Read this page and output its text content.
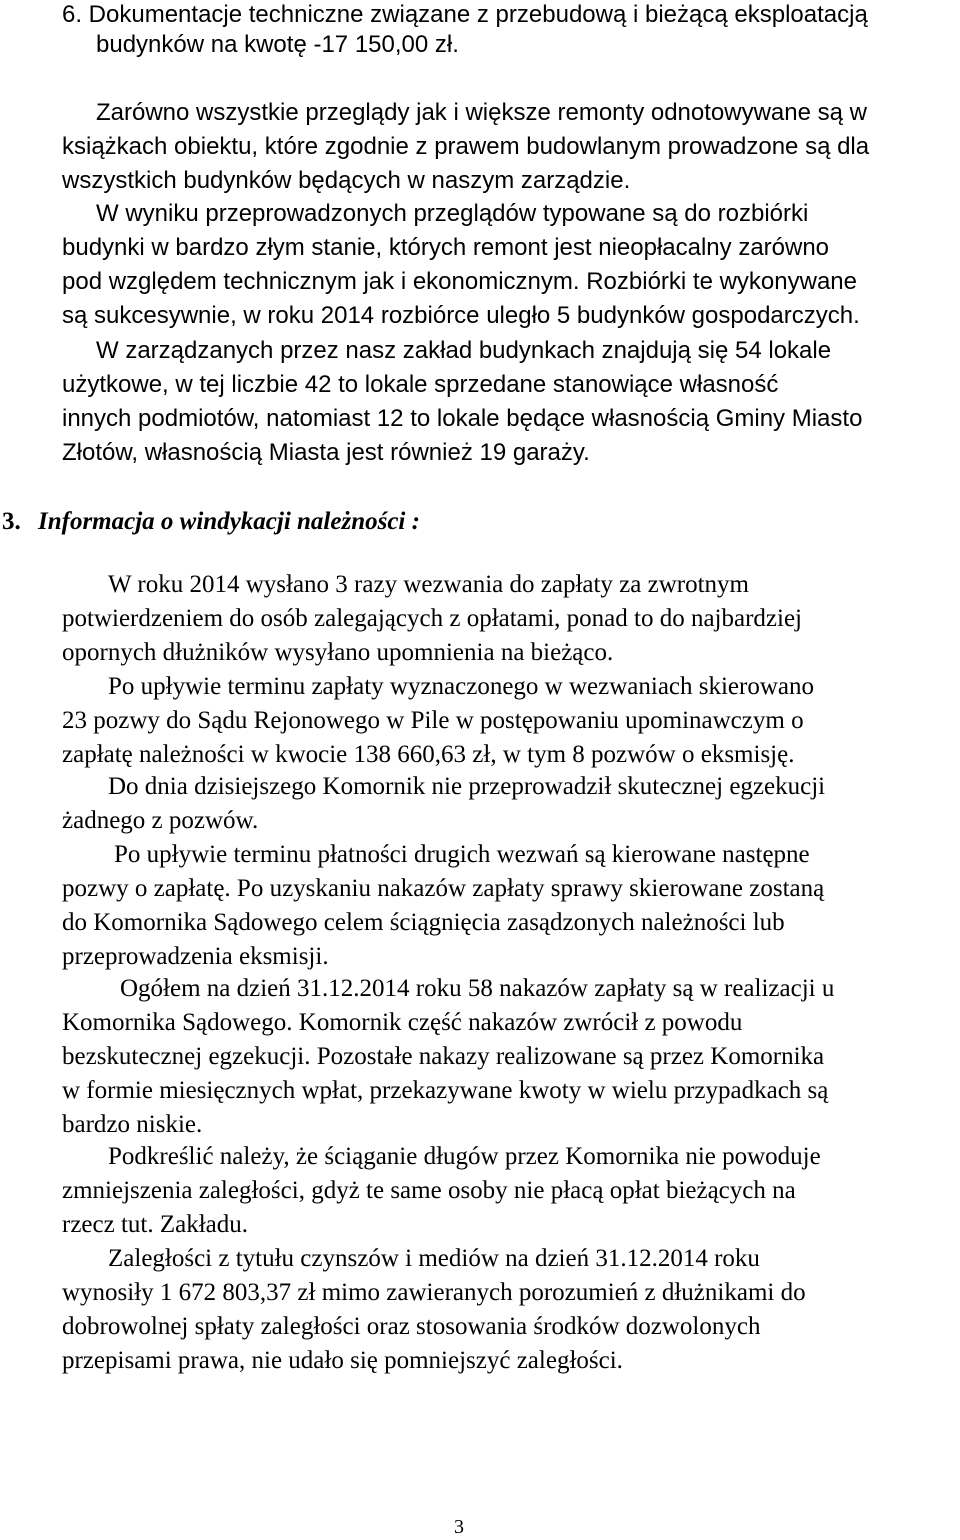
6. Dokumentacje techniczne związane z przebudową i bieżącą eksploatacją

budynków na kwotę -17 150,00 zł.

Zarówno wszystkie przeglądy jak i większe remonty odnotowywane są w

książkach obiektu, które zgodnie z prawem budowlanym prowadzone są dla

wszystkich budynków będących w naszym zarządzie.

W wyniku przeprowadzonych przeglądów typowane są do rozbiórki

budynki w bardzo złym stanie, których remont jest nieopłacalny zarówno

pod względem technicznym jak i ekonomicznym. Rozbiórki te wykonywane

są sukcesywnie, w roku 2014 rozbiórce uległo 5 budynków gospodarczych.

W zarządzanych przez nasz zakład budynkach znajdują się 54 lokale

użytkowe, w tej liczbie 42 to lokale sprzedane stanowiące własność

innych podmiotów, natomiast 12 to lokale będące własnością Gminy Miasto

Złotów, własnością Miasta jest również 19 garaży.

3. Informacja o windykacji należności :

W roku 2014 wysłano 3 razy wezwania do zapłaty za zwrotnym

potwierdzeniem do osób zalegających z opłatami, ponad to do najbardziej

opornych dłużników wysyłano upomnienia na bieżąco.

Po upływie terminu zapłaty wyznaczonego w wezwaniach skierowano

23 pozwy do Sądu Rejonowego w Pile w postępowaniu upominawczym o

zapłatę należności w kwocie 138 660,63 zł, w tym 8 pozwów o eksmisję.

Do dnia dzisiejszego Komornik nie przeprowadził skutecznej egzekucji

żadnego z pozwów.

Po upływie terminu płatności drugich wezwań są kierowane następne

pozwy o zapłatę. Po uzyskaniu nakazów zapłaty sprawy skierowane zostaną

do Komornika Sądowego celem ściągnięcia zasądzonych należności lub

przeprowadzenia eksmisji.

Ogółem na dzień 31.12.2014 roku 58 nakazów zapłaty są w realizacji u

Komornika Sądowego. Komornik część nakazów zwrócił z powodu

bezskutecznej egzekucji. Pozostałe nakazy realizowane są przez Komornika

w formie miesięcznych wpłat, przekazywane kwoty w wielu przypadkach są

bardzo niskie.

Podkreślić należy, że ściąganie długów przez Komornika nie powoduje

zmniejszenia zaległości, gdyż te same osoby nie płacą opłat bieżących na

rzecz tut. Zakładu.

Zaległości z tytułu czynszów i mediów na dzień 31.12.2014 roku

wynosiły 1 672 803,37 zł mimo zawieranych porozumień z dłużnikami do

dobrowolnej spłaty zaległości oraz stosowania środków dozwolonych

przepisami prawa, nie udało się pomniejszyć zaległości.

3
